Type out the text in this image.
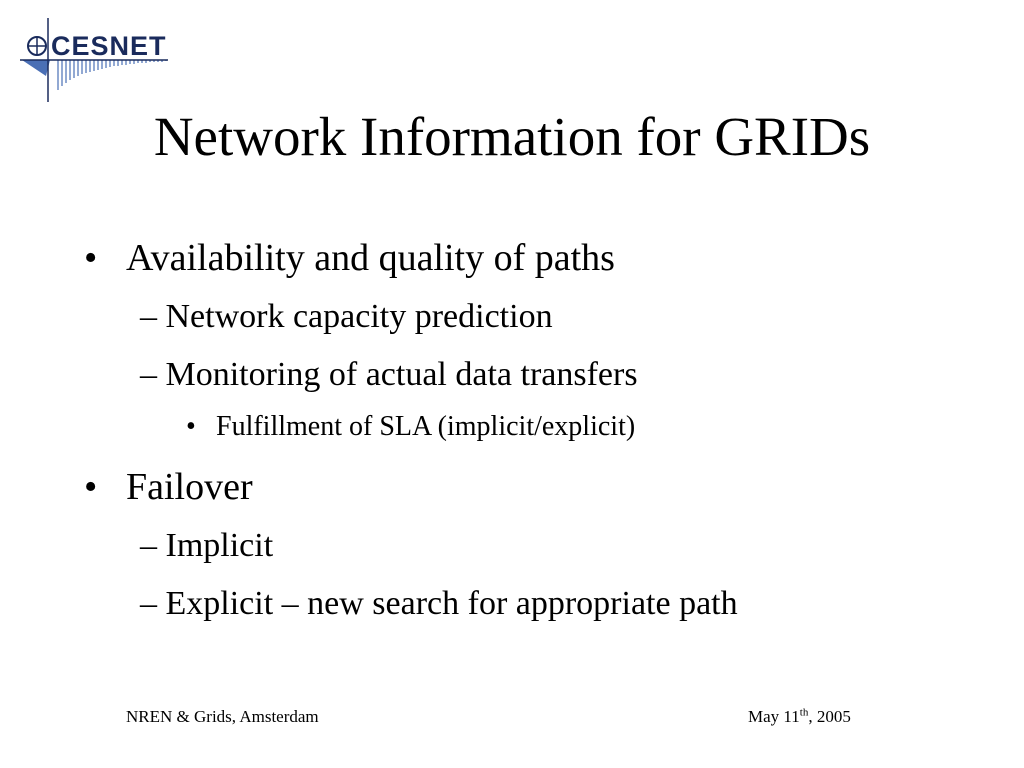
CESNET
Network Information for GRIDs
• Availability and quality of paths
– Network capacity prediction
– Monitoring of actual data transfers
• Fulfillment of SLA (implicit/explicit)
• Failover
– Implicit
– Explicit – new search for appropriate path
NREN & Grids, Amsterdam	May 11th, 2005
